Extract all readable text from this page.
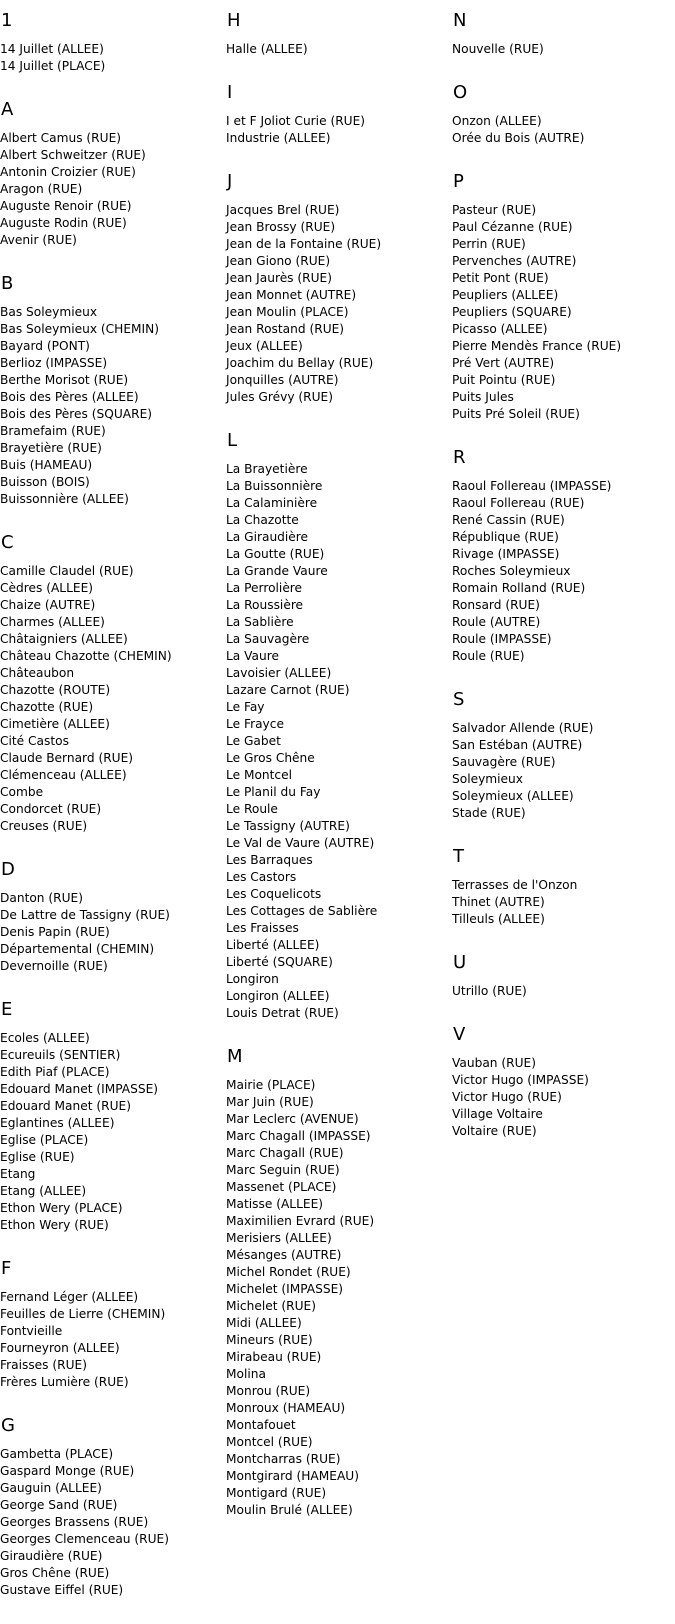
1
14 Juillet (ALLEE)
14 Juillet (PLACE)
A
Albert Camus (RUE)
Albert Schweitzer (RUE)
Antonin Croizier (RUE)
Aragon (RUE)
Auguste Renoir (RUE)
Auguste Rodin (RUE)
Avenir (RUE)
B
Bas Soleymieux
Bas Soleymieux (CHEMIN)
Bayard (PONT)
Berlioz (IMPASSE)
Berthe Morisot (RUE)
Bois des Pères (ALLEE)
Bois des Pères (SQUARE)
Bramefaim (RUE)
Brayetière (RUE)
Buis (HAMEAU)
Buisson (BOIS)
Buissonnière (ALLEE)
C
Camille Claudel (RUE)
Cèdres (ALLEE)
Chaize (AUTRE)
Charmes (ALLEE)
Châtaigniers (ALLEE)
Château Chazotte (CHEMIN)
Châteaubon
Chazotte (ROUTE)
Chazotte (RUE)
Cimetière (ALLEE)
Cité Castos
Claude Bernard (RUE)
Clémenceau (ALLEE)
Combe
Condorcet (RUE)
Creuses (RUE)
D
Danton (RUE)
De Lattre de Tassigny (RUE)
Denis Papin (RUE)
Départemental (CHEMIN)
Devernoille (RUE)
E
Ecoles (ALLEE)
Ecureuils (SENTIER)
Edith Piaf (PLACE)
Edouard Manet (IMPASSE)
Edouard Manet (RUE)
Eglantines (ALLEE)
Eglise (PLACE)
Eglise (RUE)
Etang
Etang (ALLEE)
Ethon Wery (PLACE)
Ethon Wery (RUE)
F
Fernand Léger (ALLEE)
Feuilles de Lierre (CHEMIN)
Fontvieille
Fourneyron (ALLEE)
Fraisses (RUE)
Frères Lumière (RUE)
G
Gambetta (PLACE)
Gaspard Monge (RUE)
Gauguin (ALLEE)
George Sand (RUE)
Georges Brassens (RUE)
Georges Clemenceau (RUE)
Giraudière (RUE)
Gros Chêne (RUE)
Gustave Eiffel (RUE)
H
Halle (ALLEE)
I
I et F Joliot Curie (RUE)
Industrie (ALLEE)
J
Jacques Brel (RUE)
Jean Brossy (RUE)
Jean de la Fontaine (RUE)
Jean Giono (RUE)
Jean Jaurès (RUE)
Jean Monnet (AUTRE)
Jean Moulin (PLACE)
Jean Rostand (RUE)
Jeux (ALLEE)
Joachim du Bellay (RUE)
Jonquilles (AUTRE)
Jules Grévy (RUE)
L
La Brayetière
La Buissonnière
La Calaminière
La Chazotte
La Giraudière
La Goutte (RUE)
La Grande Vaure
La Perrolière
La Roussière
La Sablière
La Sauvagère
La Vaure
Lavoisier (ALLEE)
Lazare Carnot (RUE)
Le Fay
Le Frayce
Le Gabet
Le Gros Chêne
Le Montcel
Le Planil du Fay
Le Roule
Le Tassigny (AUTRE)
Le Val de Vaure (AUTRE)
Les Barraques
Les Castors
Les Coquelicots
Les Cottages de Sablière
Les Fraisses
Liberté (ALLEE)
Liberté (SQUARE)
Longiron
Longiron (ALLEE)
Louis Detrat (RUE)
M
Mairie (PLACE)
Mar Juin (RUE)
Mar Leclerc (AVENUE)
Marc Chagall (IMPASSE)
Marc Chagall (RUE)
Marc Seguin (RUE)
Massenet (PLACE)
Matisse (ALLEE)
Maximilien Evrard (RUE)
Merisiers (ALLEE)
Mésanges (AUTRE)
Michel Rondet (RUE)
Michelet (IMPASSE)
Michelet (RUE)
Midi (ALLEE)
Mineurs (RUE)
Mirabeau (RUE)
Molina
Monrou (RUE)
Monroux (HAMEAU)
Montafouet
Montcel (RUE)
Montcharras (RUE)
Montgirard (HAMEAU)
Montigard (RUE)
Moulin Brulé (ALLEE)
N
Nouvelle (RUE)
O
Onzon (ALLEE)
Orée du Bois (AUTRE)
P
Pasteur (RUE)
Paul Cézanne (RUE)
Perrin (RUE)
Pervenches (AUTRE)
Petit Pont (RUE)
Peupliers (ALLEE)
Peupliers (SQUARE)
Picasso (ALLEE)
Pierre Mendès France (RUE)
Pré Vert (AUTRE)
Puit Pointu (RUE)
Puits Jules
Puits Pré Soleil (RUE)
R
Raoul Follereau (IMPASSE)
Raoul Follereau (RUE)
René Cassin (RUE)
République (RUE)
Rivage (IMPASSE)
Roches Soleymieux
Romain Rolland (RUE)
Ronsard (RUE)
Roule (AUTRE)
Roule (IMPASSE)
Roule (RUE)
S
Salvador Allende (RUE)
San Estéban (AUTRE)
Sauvagère (RUE)
Soleymieux
Soleymieux (ALLEE)
Stade (RUE)
T
Terrasses de l'Onzon
Thinet (AUTRE)
Tilleuls (ALLEE)
U
Utrillo (RUE)
V
Vauban (RUE)
Victor Hugo (IMPASSE)
Victor Hugo (RUE)
Village Voltaire
Voltaire (RUE)
